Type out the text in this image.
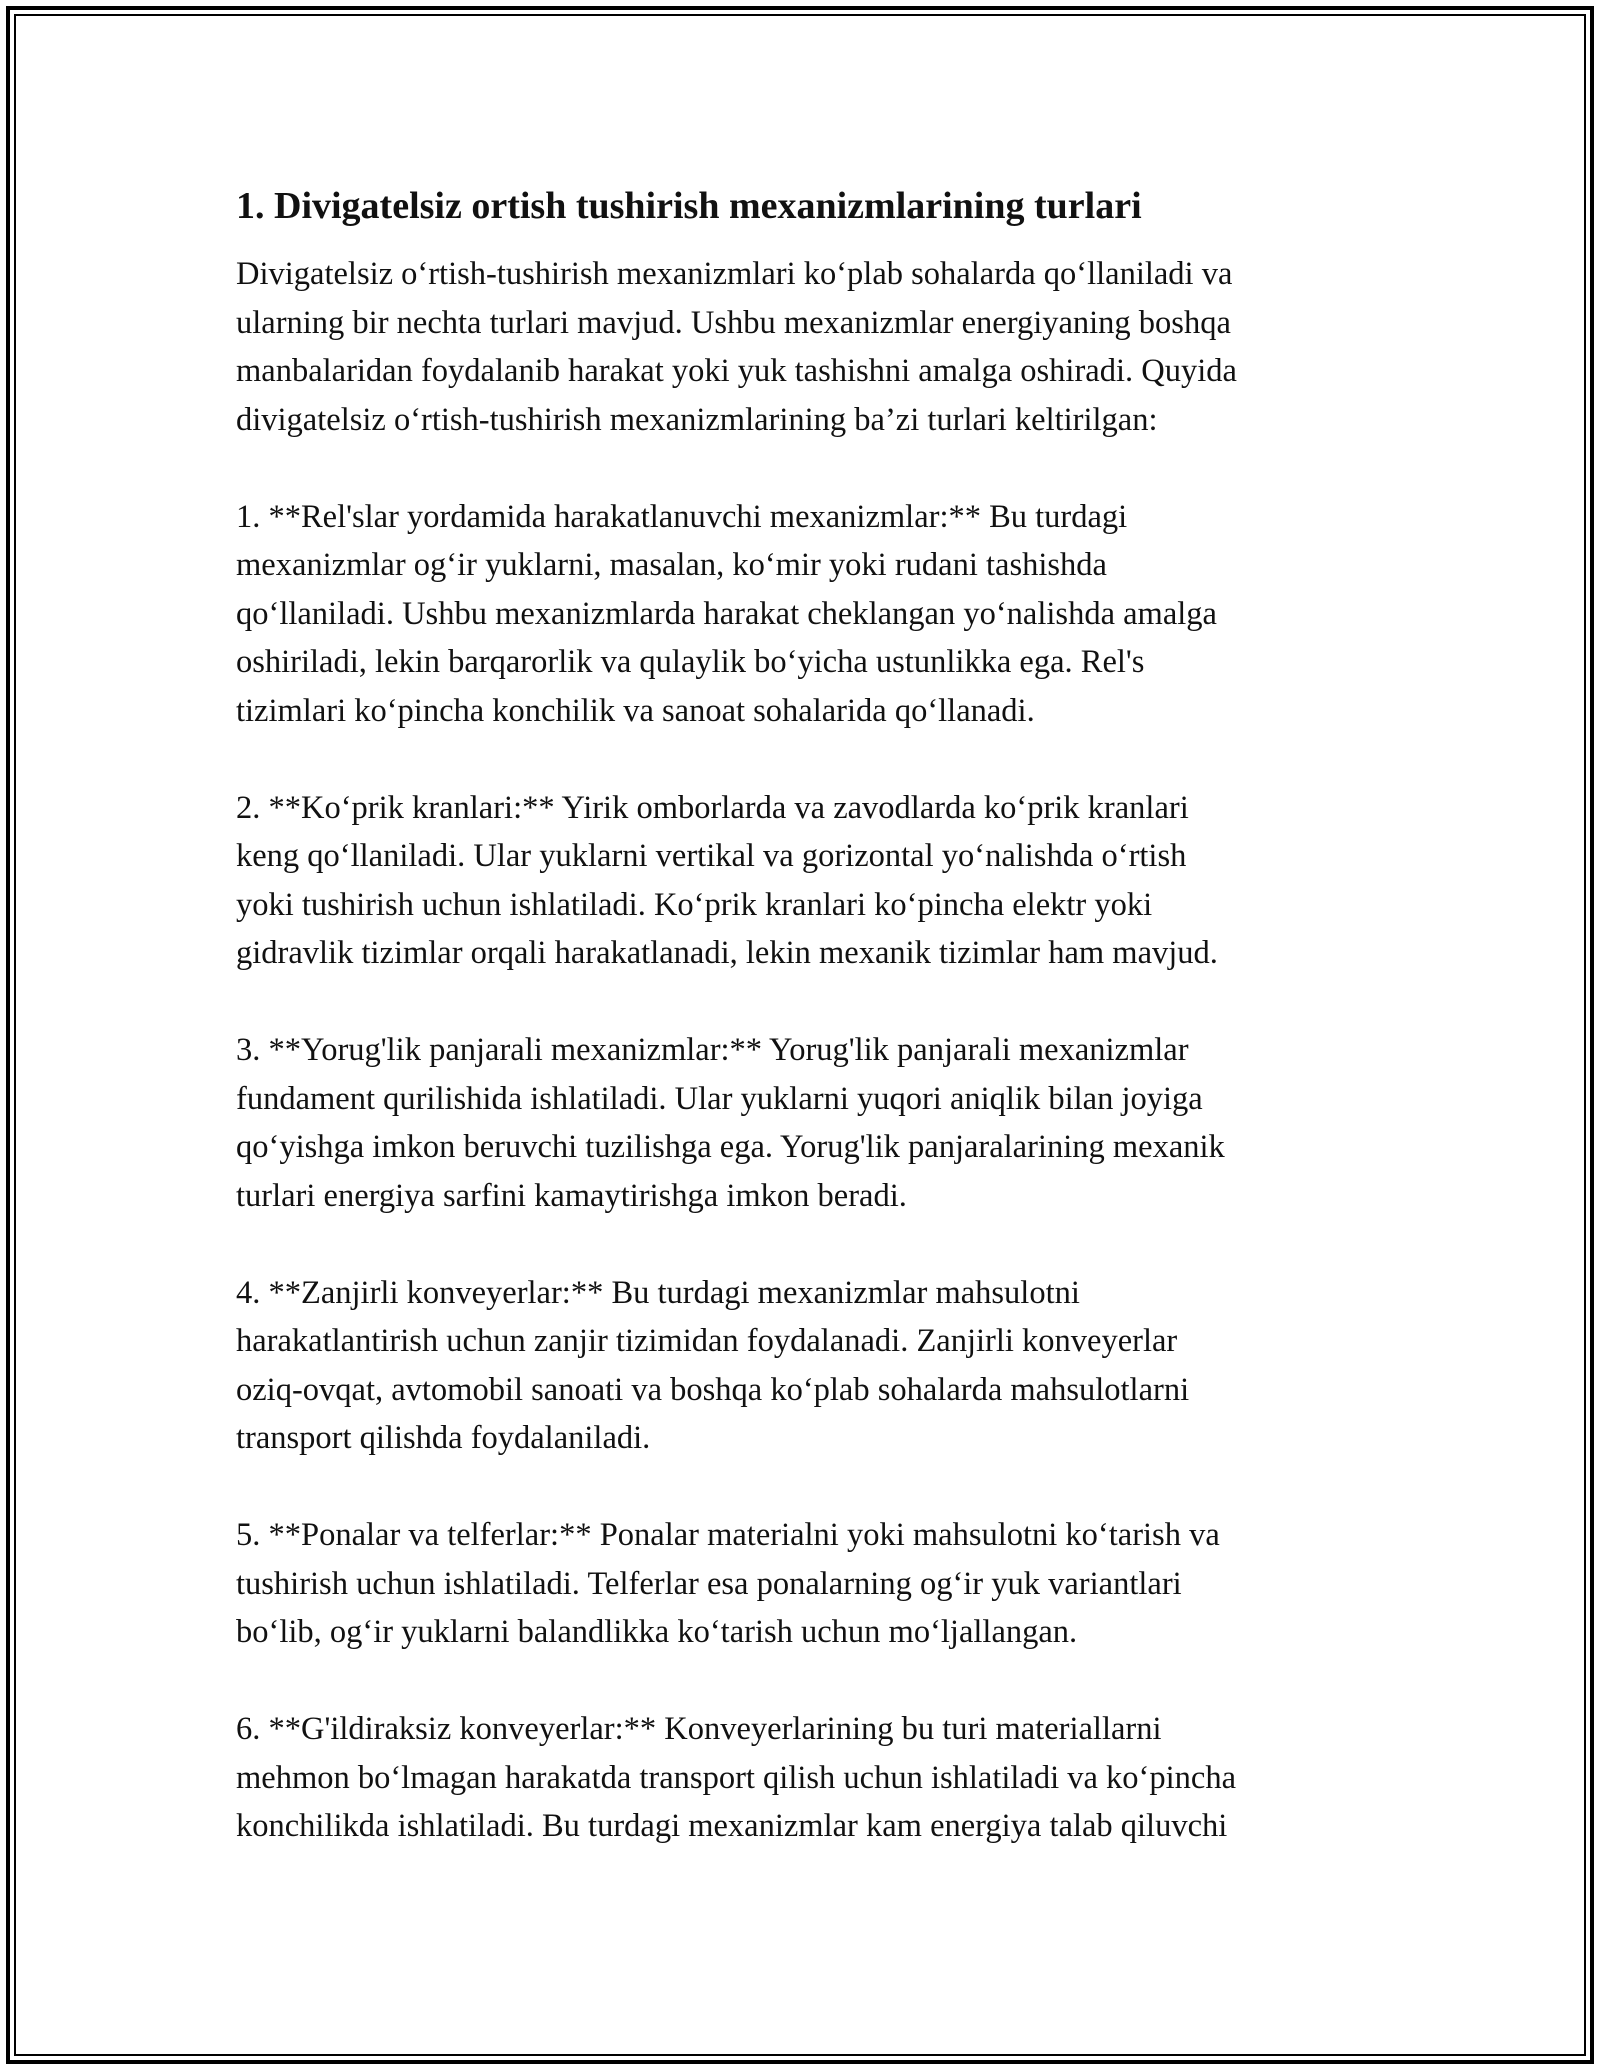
1. Divigatelsiz ortish tushirish mexanizmlarining turlari

Divigatelsiz o‘rtish-tushirish mexanizmlari ko‘plab sohalarda qo‘llaniladi va
ularning bir nechta turlari mavjud. Ushbu mexanizmlar energiyaning boshqa
manbalaridan foydalanib harakat yoki yuk tashishni amalga oshiradi. Quyida
divigatelsiz o‘rtish-tushirish mexanizmlarining ba’zi turlari keltirilgan:

1. **Rel'slar yordamida harakatlanuvchi mexanizmlar:** Bu turdagi
mexanizmlar og‘ir yuklarni, masalan, ko‘mir yoki rudani tashishda
qo‘llaniladi. Ushbu mexanizmlarda harakat cheklangan yo‘nalishda amalga
oshiriladi, lekin barqarorlik va qulaylik bo‘yicha ustunlikka ega. Rel's
tizimlari ko‘pincha konchilik va sanoat sohalarida qo‘llanadi.

2. **Ko‘prik kranlari:** Yirik omborlarda va zavodlarda ko‘prik kranlari
keng qo‘llaniladi. Ular yuklarni vertikal va gorizontal yo‘nalishda o‘rtish
yoki tushirish uchun ishlatiladi. Ko‘prik kranlari ko‘pincha elektr yoki
gidravlik tizimlar orqali harakatlanadi, lekin mexanik tizimlar ham mavjud.

3. **Yorug'lik panjarali mexanizmlar:** Yorug'lik panjarali mexanizmlar
fundament qurilishida ishlatiladi. Ular yuklarni yuqori aniqlik bilan joyiga
qo‘yishga imkon beruvchi tuzilishga ega. Yorug'lik panjaralarining mexanik
turlari energiya sarfini kamaytirishga imkon beradi.

4. **Zanjirli konveyerlar:** Bu turdagi mexanizmlar mahsulotni
harakatlantirish uchun zanjir tizimidan foydalanadi. Zanjirli konveyerlar
oziq-ovqat, avtomobil sanoati va boshqa ko‘plab sohalarda mahsulotlarni
transport qilishda foydalaniladi.

5. **Ponalar va telferlar:** Ponalar materialni yoki mahsulotni ko‘tarish va
tushirish uchun ishlatiladi. Telferlar esa ponalarning og‘ir yuk variantlari
bo‘lib, og‘ir yuklarni balandlikka ko‘tarish uchun mo‘ljallangan.

6. **G'ildiraksiz konveyerlar:** Konveyerlarining bu turi materiallarni
mehmon bo‘lmagan harakatda transport qilish uchun ishlatiladi va ko‘pincha
konchilikda ishlatiladi. Bu turdagi mexanizmlar kam energiya talab qiluvchi
